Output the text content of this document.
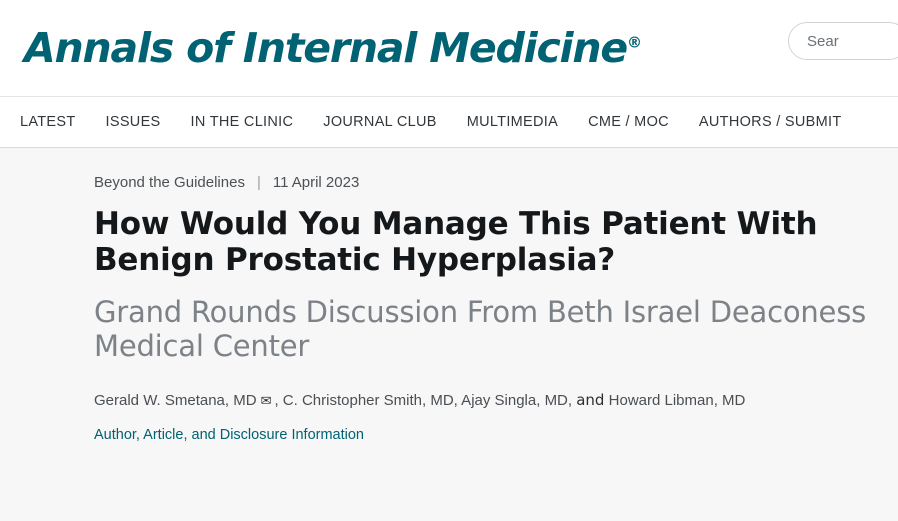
Annals of Internal Medicine®	Sear
LATEST ISSUES IN THE CLINIC JOURNAL CLUB MULTIMEDIA CME / MOC AUTHORS / SUBMIT
Beyond the Guidelines | 11 April 2023
How Would You Manage This Patient With Benign Prostatic Hyperplasia?
Grand Rounds Discussion From Beth Israel Deaconess Medical Center
Gerald W. Smetana, MD ✉ , C. Christopher Smith, MD, Ajay Singla, MD, and Howard Libman, MD
Author, Article, and Disclosure Information
